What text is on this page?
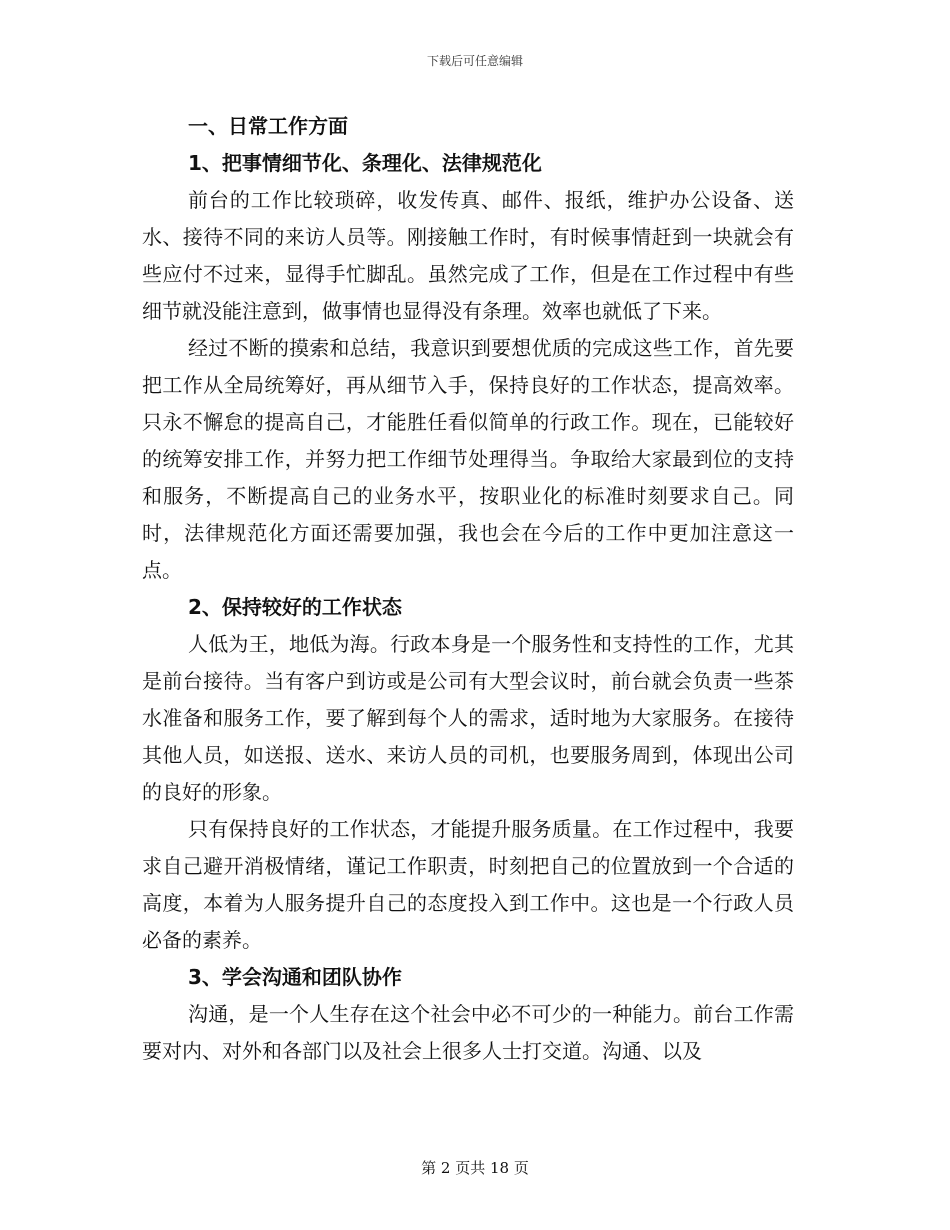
下载后可任意编辑

一、日常工作方面

1、把事情细节化、条理化、法律规范化

前台的工作比较琐碎，收发传真、邮件、报纸，维护办公设备、送水、接待不同的来访人员等。刚接触工作时，有时候事情赶到一块就会有些应付不过来，显得手忙脚乱。虽然完成了工作，但是在工作过程中有些细节就没能注意到，做事情也显得没有条理。效率也就低了下来。

经过不断的摸索和总结，我意识到要想优质的完成这些工作，首先要把工作从全局统筹好，再从细节入手，保持良好的工作状态，提高效率。只永不懈怠的提高自己，才能胜任看似简单的行政工作。现在，已能较好的统筹安排工作，并努力把工作细节处理得当。争取给大家最到位的支持和服务，不断提高自己的业务水平，按职业化的标准时刻要求自己。同时，法律规范化方面还需要加强，我也会在今后的工作中更加注意这一点。

2、保持较好的工作状态

人低为王，地低为海。行政本身是一个服务性和支持性的工作，尤其是前台接待。当有客户到访或是公司有大型会议时，前台就会负责一些茶水准备和服务工作，要了解到每个人的需求，适时地为大家服务。在接待其他人员，如送报、送水、来访人员的司机，也要服务周到，体现出公司的良好的形象。

只有保持良好的工作状态，才能提升服务质量。在工作过程中，我要求自己避开消极情绪，谨记工作职责，时刻把自己的位置放到一个合适的高度，本着为人服务提升自己的态度投入到工作中。这也是一个行政人员必备的素养。

3、学会沟通和团队协作

沟通，是一个人生存在这个社会中必不可少的一种能力。前台工作需要对内、对外和各部门以及社会上很多人士打交道。沟通、以及

第 2 页共 18 页
